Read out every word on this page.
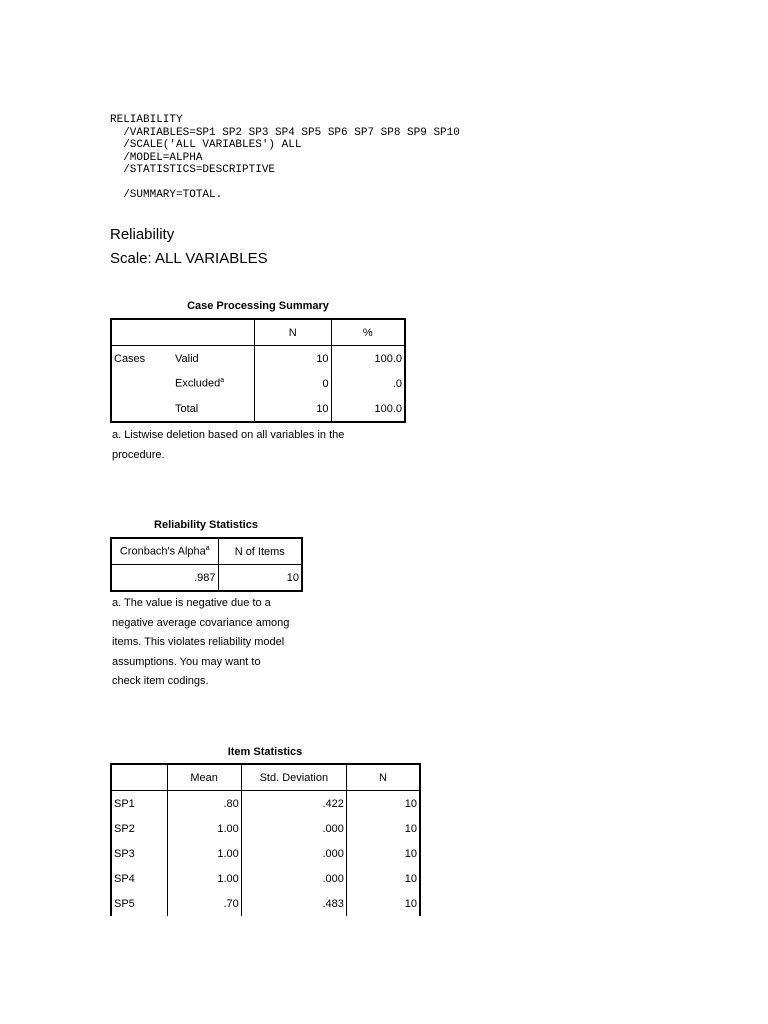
RELIABILITY
/VARIABLES=SP1 SP2 SP3 SP4 SP5 SP6 SP7 SP8 SP9 SP10
/SCALE('ALL VARIABLES') ALL
/MODEL=ALPHA
/STATISTICS=DESCRIPTIVE
/SUMMARY=TOTAL.
Reliability
Scale: ALL VARIABLES
Case Processing Summary
		N	%
Cases	Valid	10	100.0
	Excluded$^a$	0	.0
	Total	10	100.0
a. Listwise deletion based on all variables in the
procedure.
Reliability Statistics
Cronbach's Alpha$^a$	N of Items
.987	10
a. The value is negative due to a
negative average covariance among
items. This violates reliability model
assumptions. You may want to
check item codings.
Item Statistics
	Mean	Std. Deviation	N
SP1	.80	.422	10
SP2	1.00	.000	10
SP3	1.00	.000	10
SP4	1.00	.000	10
SP5	.70	.483	10
